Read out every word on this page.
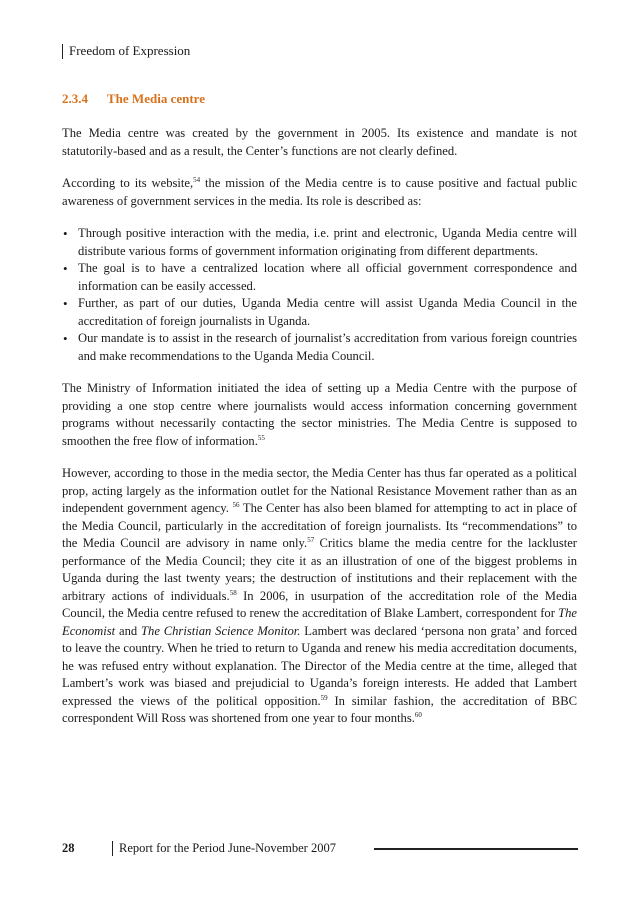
Freedom of Expression
2.3.4 The Media centre

The Media centre was created by the government in 2005. Its existence and mandate is not statutorily-based and as a result, the Center’s functions are not clearly defined.

According to its website,$^{54}$ the mission of the Media centre is to cause positive and factual public awareness of government services in the media. Its role is described as:

• Through positive interaction with the media, i.e. print and electronic, Uganda Media centre will distribute various forms of government information originating from different departments.
• The goal is to have a centralized location where all official government correspondence and information can be easily accessed.
• Further, as part of our duties, Uganda Media centre will assist Uganda Media Council in the accreditation of foreign journalists in Uganda.
• Our mandate is to assist in the research of journalist’s accreditation from various foreign countries and make recommendations to the Uganda Media Council.

The Ministry of Information initiated the idea of setting up a Media Centre with the purpose of providing a one stop centre where journalists would access information concerning government programs without necessarily contacting the sector ministries. The Media Centre is supposed to smoothen the free flow of information.$^{55}$

However, according to those in the media sector, the Media Center has thus far operated as a political prop, acting largely as the information outlet for the National Resistance Movement rather than as an independent government agency. $^{56}$ The Center has also been blamed for attempting to act in place of the Media Council, particularly in the accreditation of foreign journalists. Its “recommendations” to the Media Council are advisory in name only.$^{57}$ Critics blame the media centre for the lackluster performance of the Media Council; they cite it as an illustration of one of the biggest problems in Uganda during the last twenty years; the destruction of institutions and their replacement with the arbitrary actions of individuals.$^{58}$ In 2006, in usurpation of the accreditation role of the Media Council, the Media centre refused to renew the accreditation of Blake Lambert, correspondent for The Economist and The Christian Science Monitor. Lambert was declared ‘persona non grata’ and forced to leave the country. When he tried to return to Uganda and renew his media accreditation documents, he was refused entry without explanation. The Director of the Media centre at the time, alleged that Lambert’s work was biased and prejudicial to Uganda’s foreign interests. He added that Lambert expressed the views of the political opposition.$^{59}$ In similar fashion, the accreditation of BBC correspondent Will Ross was shortened from one year to four months.$^{60}$

28	Report for the Period June-November 2007
